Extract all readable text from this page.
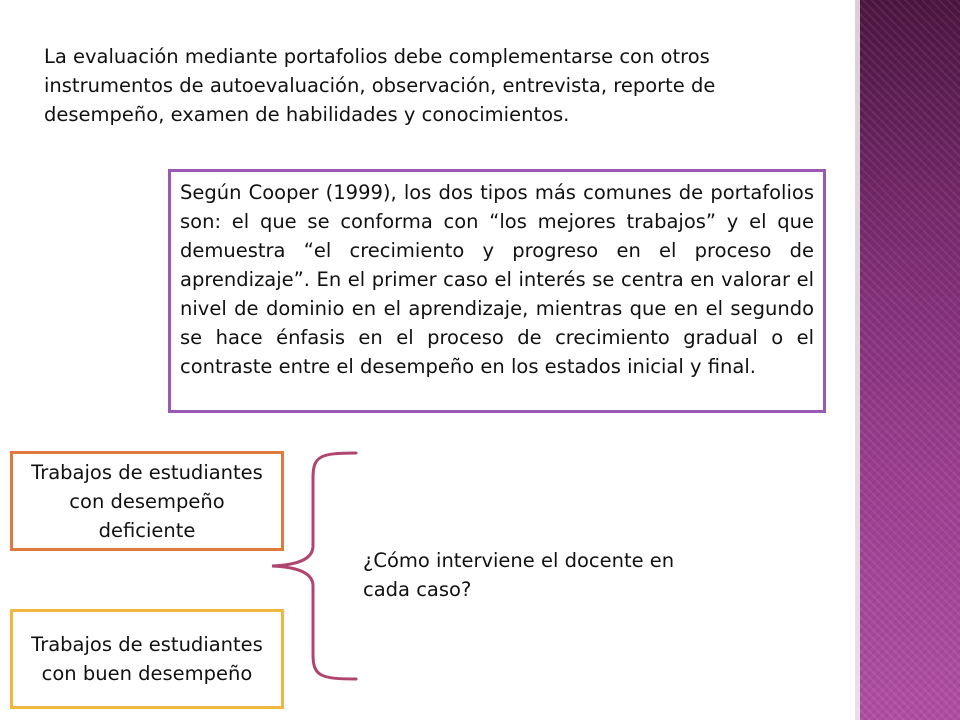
La evaluación mediante portafolios debe complementarse con otros instrumentos de autoevaluación, observación, entrevista, reporte de desempeño, examen de habilidades y conocimientos.

Según Cooper (1999), los dos tipos más comunes de portafolios son: el que se conforma con “los mejores trabajos” y el que demuestra “el crecimiento y progreso en el proceso de aprendizaje”. En el primer caso el interés se centra en valorar el nivel de dominio en el aprendizaje, mientras que en el segundo se hace énfasis en el proceso de crecimiento gradual o el contraste entre el desempeño en los estados inicial y final.

Trabajos de estudiantes con desempeño deficiente
Trabajos de estudiantes con buen desempeño

¿Cómo interviene el docente en cada caso?
